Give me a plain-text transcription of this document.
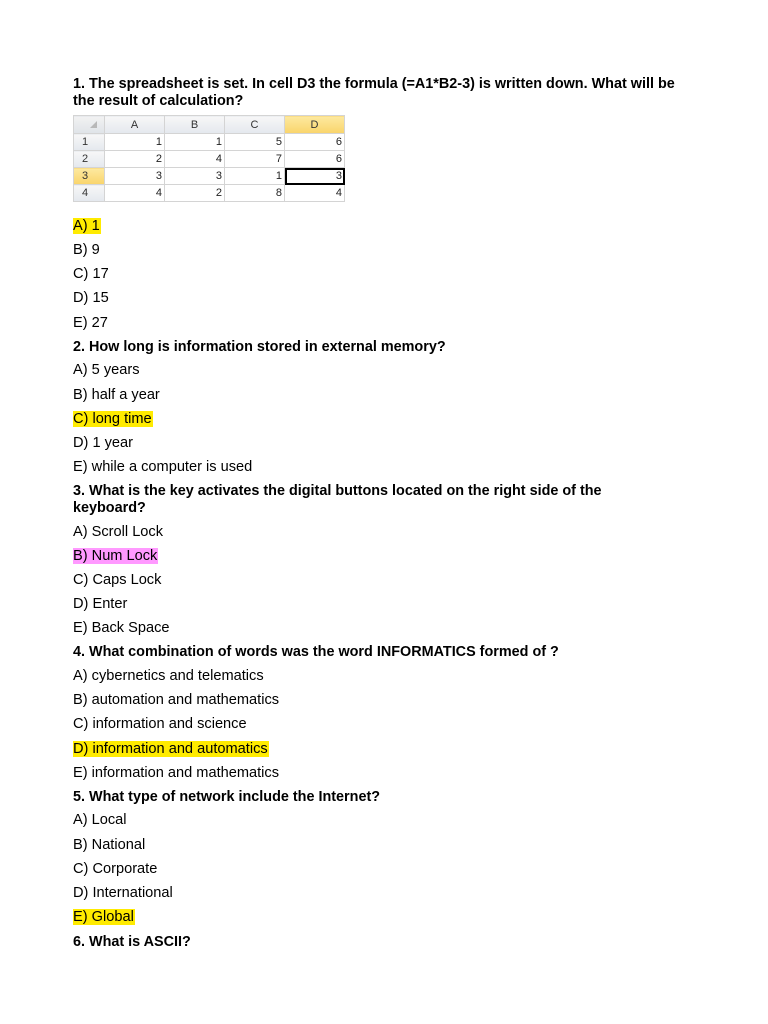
1. The spreadsheet is set. In cell D3 the formula (=A1*B2-3) is written down. What will be the result of calculation?

	A	B	C	D
1	1	1	5	6
2	2	4	7	6
3	3	3	1	3
4	4	2	8	4
A) 1
B) 9
C) 17
D) 15
E) 27

2. How long is information stored in external memory?

A) 5 years
B) half a year
C) long time
D) 1 year
E) while a computer is used

3. What is the key activates the digital buttons located on the right side of the keyboard?

A) Scroll Lock
B) Num Lock
C) Caps Lock
D) Enter
E) Back Space

4. What combination of words was the word INFORMATICS formed of ?

A) cybernetics and telematics
B) automation and mathematics
C) information and science
D) information and automatics
E) information and mathematics

5. What type of network include the Internet?

A) Local
B) National
C) Corporate
D) International
E) Global

6. What is ASCII?
